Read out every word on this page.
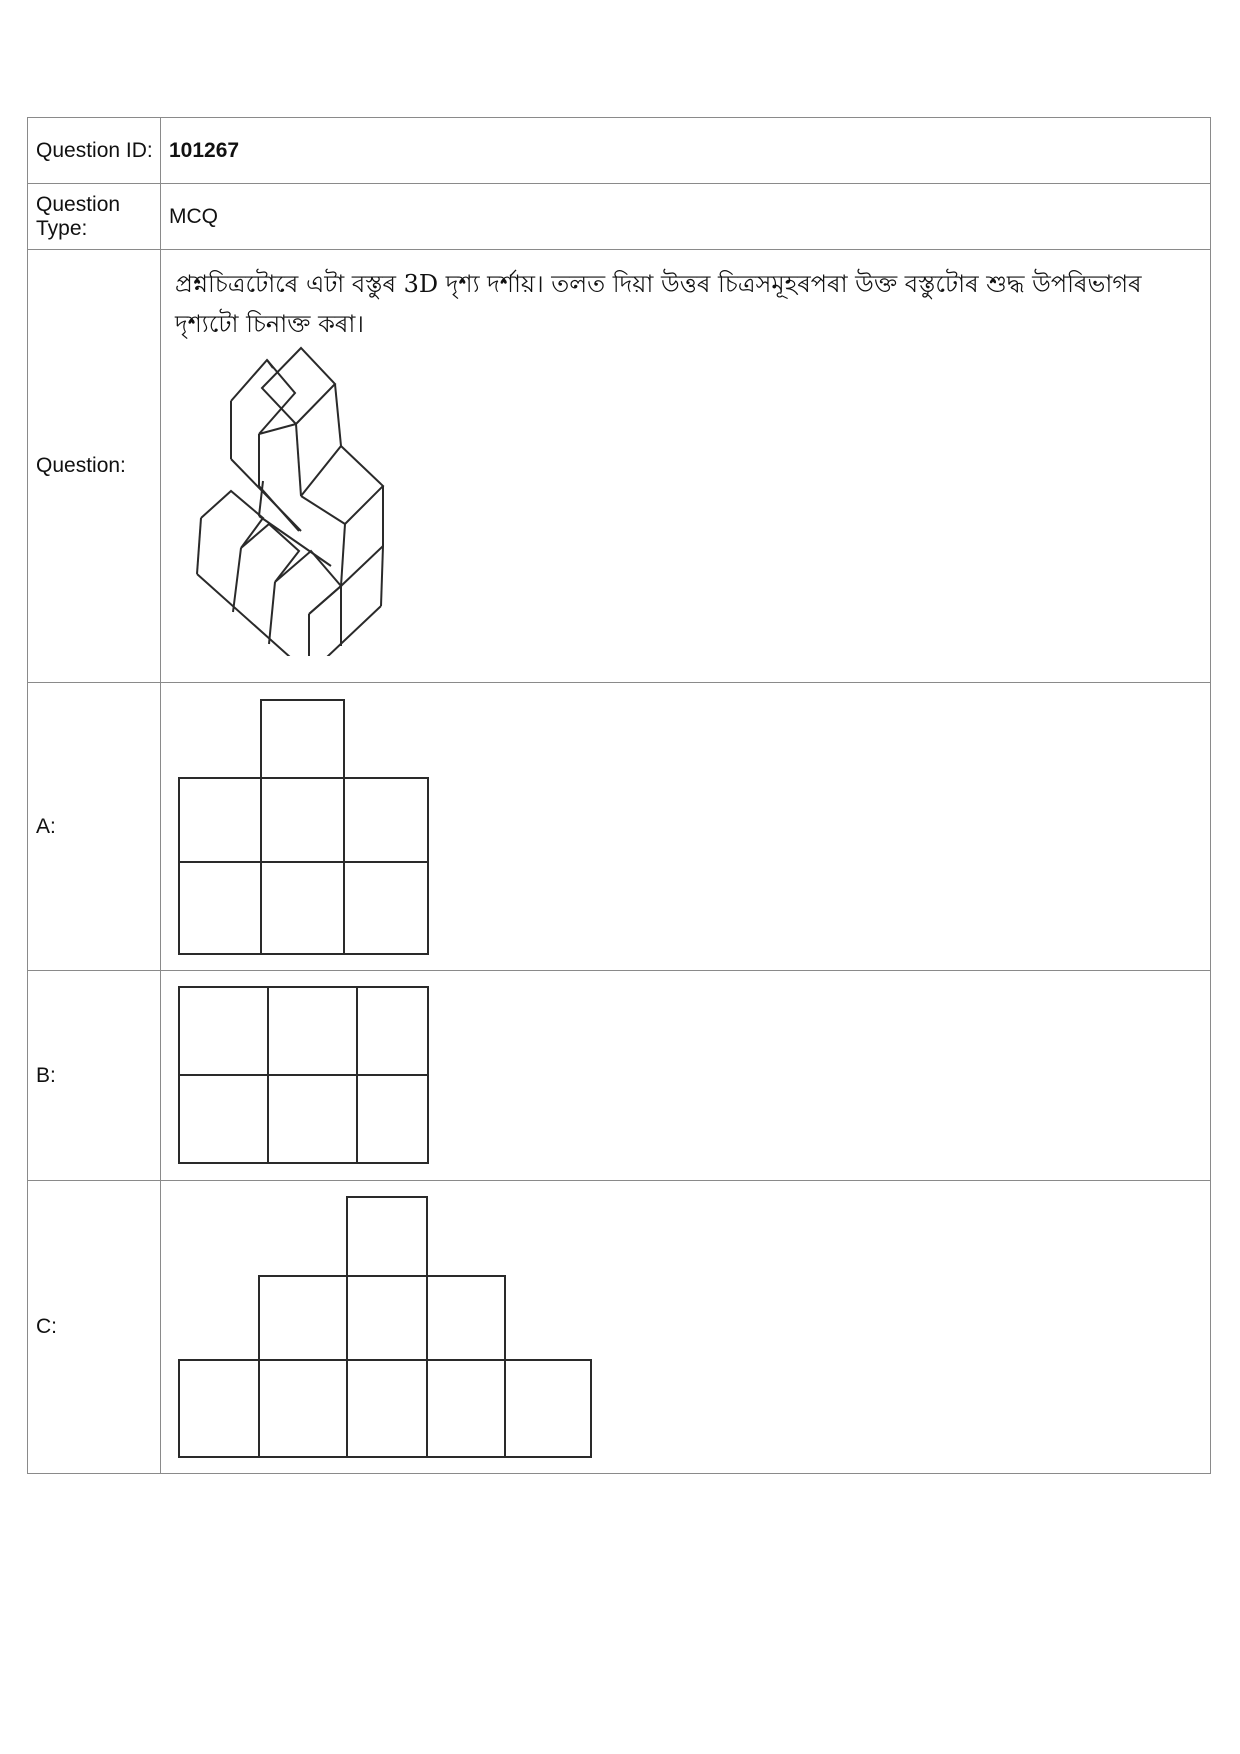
Question ID:	101267
Question Type:	MCQ
Question:	প্ৰশ্নচিত্ৰটোৰে এটা বস্তুৰ 3D দৃশ্য দৰ্শায়। তলত দিয়া উত্তৰ চিত্ৰসমূহৰপৰা উক্ত বস্তুটোৰ শুদ্ধ উপৰিভাগৰ দৃশ্যটো চিনাক্ত কৰা।

A:	

B:	

C:	
